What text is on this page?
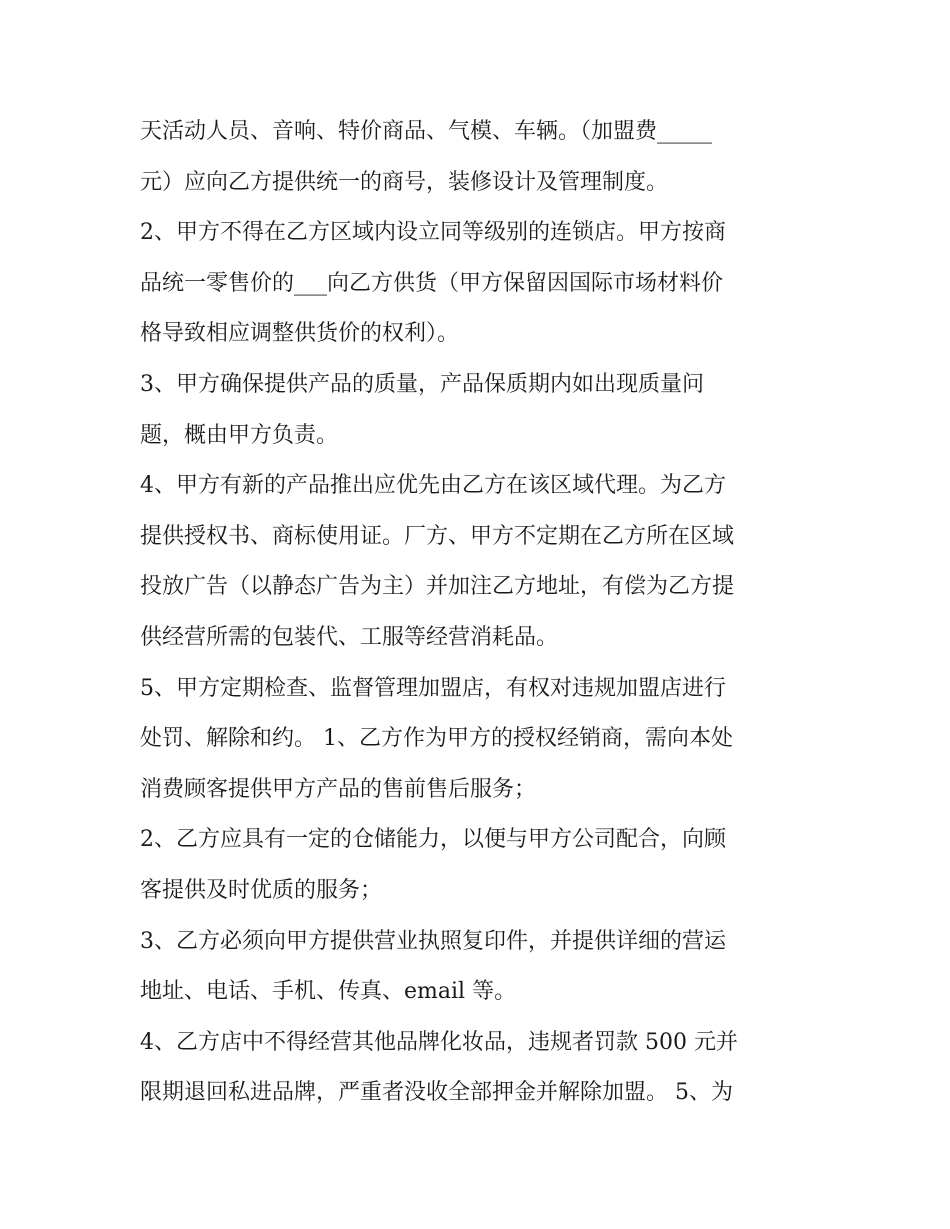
天活动人员、音响、特价商品、气模、车辆。（加盟费_____
元）应向乙方提供统一的商号，装修设计及管理制度。
2、甲方不得在乙方区域内设立同等级别的连锁店。甲方按商
品统一零售价的___向乙方供货（甲方保留因国际市场材料价
格导致相应调整供货价的权利）。
3、甲方确保提供产品的质量，产品保质期内如出现质量问
题，概由甲方负责。
4、甲方有新的产品推出应优先由乙方在该区域代理。为乙方
提供授权书、商标使用证。厂方、甲方不定期在乙方所在区域
投放广告（以静态广告为主）并加注乙方地址，有偿为乙方提
供经营所需的包装代、工服等经营消耗品。
5、甲方定期检查、监督管理加盟店，有权对违规加盟店进行
处罚、解除和约。 1、乙方作为甲方的授权经销商，需向本处
消费顾客提供甲方产品的售前售后服务；
2、乙方应具有一定的仓储能力，以便与甲方公司配合，向顾
客提供及时优质的服务；
3、乙方必须向甲方提供营业执照复印件，并提供详细的营运
地址、电话、手机、传真、email 等。
4、乙方店中不得经营其他品牌化妆品，违规者罚款 500 元并
限期退回私进品牌，严重者没收全部押金并解除加盟。 5、为
